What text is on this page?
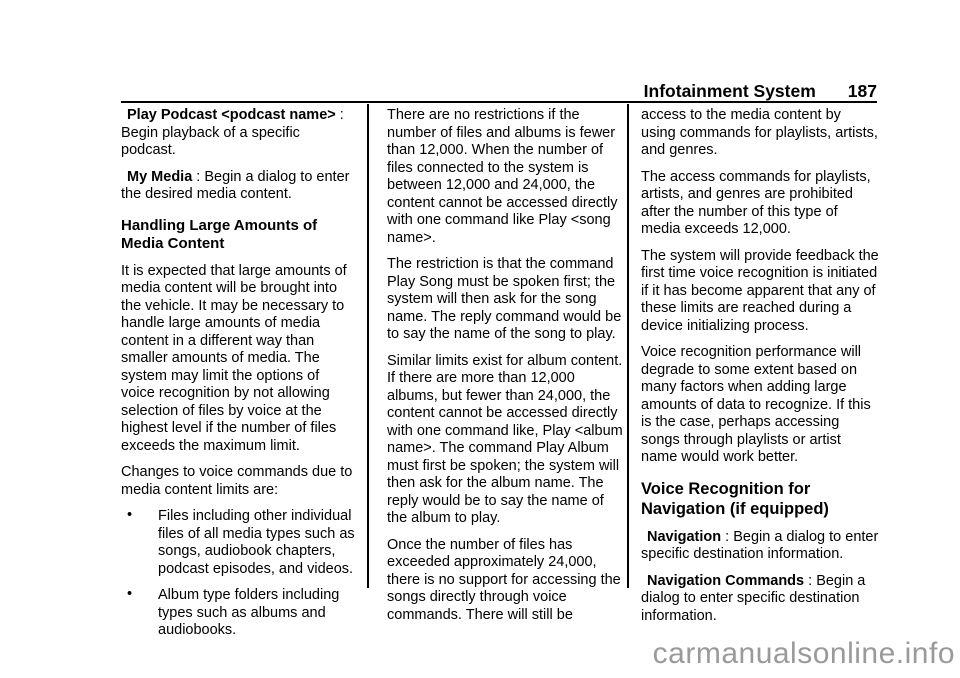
Infotainment System 187

Play Podcast <podcast name> : Begin playback of a specific podcast.

My Media : Begin a dialog to enter the desired media content.

Handling Large Amounts of Media Content

It is expected that large amounts of media content will be brought into the vehicle. It may be necessary to handle large amounts of media content in a different way than smaller amounts of media. The system may limit the options of voice recognition by not allowing selection of files by voice at the highest level if the number of files exceeds the maximum limit.

Changes to voice commands due to media content limits are:

• Files including other individual files of all media types such as songs, audiobook chapters, podcast episodes, and videos.
• Album type folders including types such as albums and audiobooks.

There are no restrictions if the number of files and albums is fewer than 12,000. When the number of files connected to the system is between 12,000 and 24,000, the content cannot be accessed directly with one command like Play <song name>.

The restriction is that the command Play Song must be spoken first; the system will then ask for the song name. The reply command would be to say the name of the song to play.

Similar limits exist for album content. If there are more than 12,000 albums, but fewer than 24,000, the content cannot be accessed directly with one command like, Play <album name>. The command Play Album must first be spoken; the system will then ask for the album name. The reply would be to say the name of the album to play.

Once the number of files has exceeded approximately 24,000, there is no support for accessing the songs directly through voice commands. There will still be

access to the media content by using commands for playlists, artists, and genres.

The access commands for playlists, artists, and genres are prohibited after the number of this type of media exceeds 12,000.

The system will provide feedback the first time voice recognition is initiated if it has become apparent that any of these limits are reached during a device initializing process.

Voice recognition performance will degrade to some extent based on many factors when adding large amounts of data to recognize. If this is the case, perhaps accessing songs through playlists or artist name would work better.

Voice Recognition for Navigation (if equipped)

Navigation : Begin a dialog to enter specific destination information.

Navigation Commands : Begin a dialog to enter specific destination information.

carmanualsonline.info
